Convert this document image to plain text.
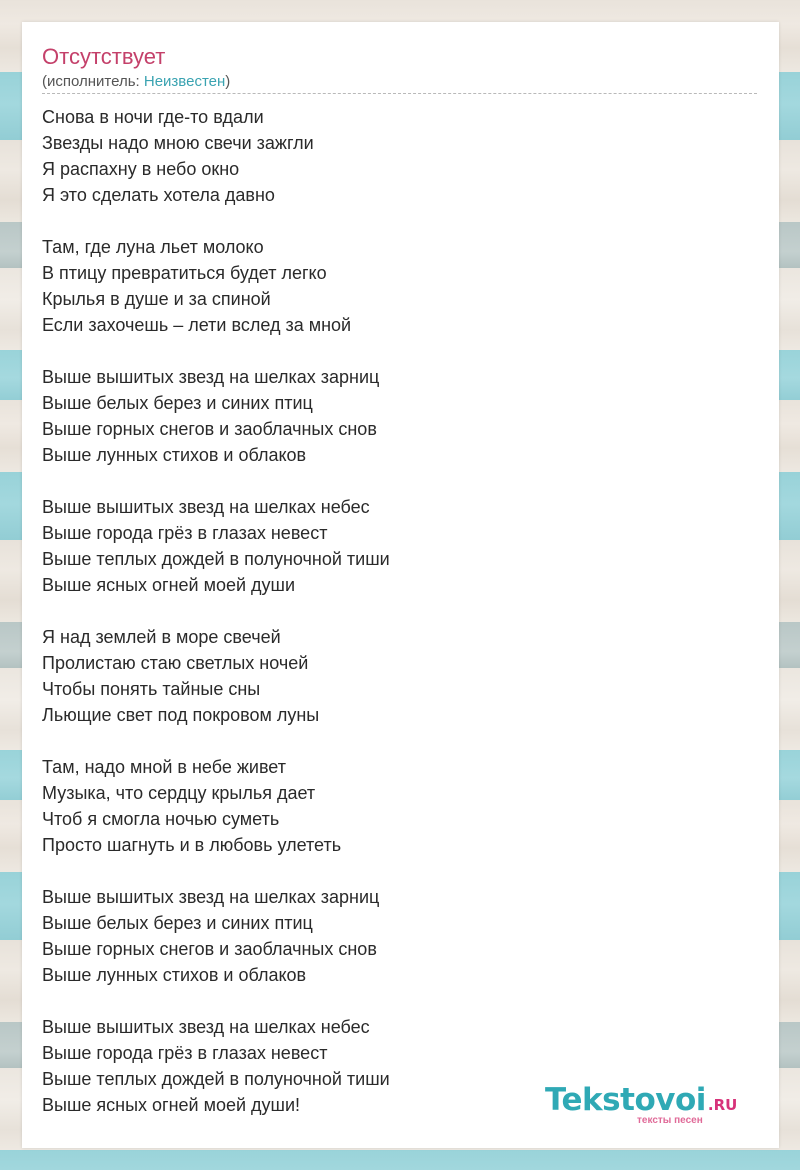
Отсутствует
(исполнитель: Неизвестен)
Снова в ночи где-то вдали
Звезды надо мною свечи зажгли
Я распахну в небо окно
Я это сделать хотела давно
Там, где луна льет молоко
В птицу превратиться будет легко
Крылья в душе и за спиной
Если захочешь – лети вслед за мной
Выше вышитых звезд на шелках зарниц
Выше белых берез и синих птиц
Выше горных снегов и заоблачных снов
Выше лунных стихов и облаков
Выше вышитых звезд на шелках небес
Выше города грёз в глазах невест
Выше теплых дождей в полуночной тиши
Выше ясных огней моей души
Я над землей в море свечей
Пролистаю стаю светлых ночей
Чтобы понять тайные сны
Льющие свет под покровом луны
Там, надо мной в небе живет
Музыка, что сердцу крылья дает
Чтоб я смогла ночью суметь
Просто шагнуть и в любовь улететь
Выше вышитых звезд на шелках зарниц
Выше белых берез и синих птиц
Выше горных снегов и заоблачных снов
Выше лунных стихов и облаков
Выше вышитых звезд на шелках небес
Выше города грёз в глазах невест
Выше теплых дождей в полуночной тиши
Выше ясных огней моей души!	Tekstovoi .RU
тексты песен
